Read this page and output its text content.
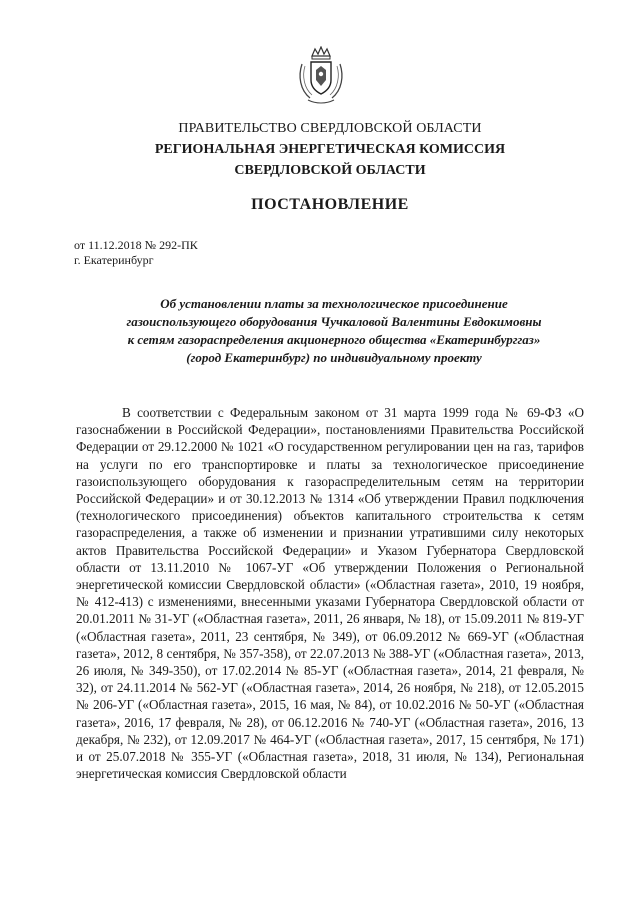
ПРАВИТЕЛЬСТВО СВЕРДЛОВСКОЙ ОБЛАСТИ
РЕГИОНАЛЬНАЯ ЭНЕРГЕТИЧЕСКАЯ КОМИССИЯ
СВЕРДЛОВСКОЙ ОБЛАСТИ
ПОСТАНОВЛЕНИЕ
от 11.12.2018 № 292-ПК
г. Екатеринбург
Об установлении платы за технологическое присоединение
газоиспользующего оборудования Чучкаловой Валентины Евдокимовны
к сетям газораспределения акционерного общества «Екатеринбурггаз»
(город Екатеринбург) по индивидуальному проекту

В соответствии с Федеральным законом от 31 марта 1999 года № 69-ФЗ «О газоснабжении в Российской Федерации», постановлениями Правительства Российской Федерации от 29.12.2000 № 1021 «О государственном регулировании цен на газ, тарифов на услуги по его транспортировке и платы за технологическое присоединение газоиспользующего оборудования к газораспределительным сетям на территории Российской Федерации» и от 30.12.2013 № 1314 «Об утверждении Правил подключения (технологического присоединения) объектов капитального строительства к сетям газораспределения, а также об изменении и признании утратившими силу некоторых актов Правительства Российской Федерации» и Указом Губернатора Свердловской области от 13.11.2010 № 1067-УГ «Об утверждении Положения о Региональной энергетической комиссии Свердловской области» («Областная газета», 2010, 19 ноября, № 412-413) с изменениями, внесенными указами Губернатора Свердловской области от 20.01.2011 № 31-УГ («Областная газета», 2011, 26 января, № 18), от 15.09.2011 № 819-УГ («Областная газета», 2011, 23 сентября, № 349), от 06.09.2012 № 669-УГ («Областная газета», 2012, 8 сентября, № 357-358), от 22.07.2013 № 388-УГ («Областная газета», 2013, 26 июля, № 349-350), от 17.02.2014 № 85-УГ («Областная газета», 2014, 21 февраля, № 32), от 24.11.2014 № 562-УГ («Областная газета», 2014, 26 ноября, № 218), от 12.05.2015 № 206-УГ («Областная газета», 2015, 16 мая, № 84), от 10.02.2016 № 50-УГ («Областная газета», 2016, 17 февраля, № 28), от 06.12.2016 № 740-УГ («Областная газета», 2016, 13 декабря, № 232), от 12.09.2017 № 464-УГ («Областная газета», 2017, 15 сентября, № 171) и от 25.07.2018 № 355-УГ («Областная газета», 2018, 31 июля, № 134), Региональная энергетическая комиссия Свердловской области
